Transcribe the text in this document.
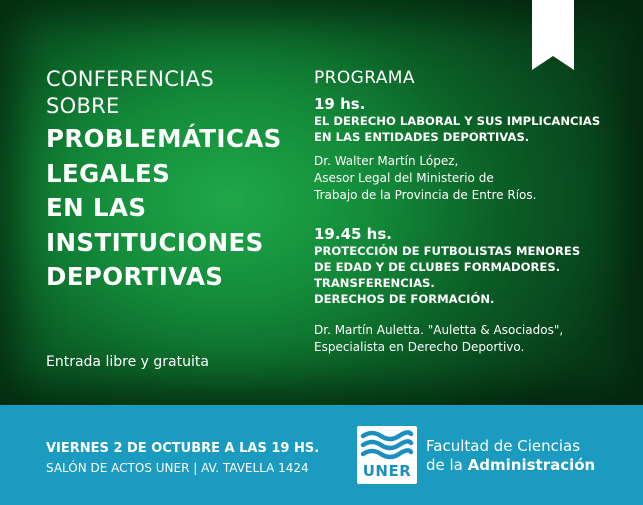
CONFERENCIAS
SOBRE
PROBLEMÁTICAS
LEGALES
EN LAS
INSTITUCIONES
DEPORTIVAS
Entrada libre y gratuita
PROGRAMA
19 hs.
EL DERECHO LABORAL Y SUS IMPLICANCIAS
EN LAS ENTIDADES DEPORTIVAS.
Dr. Walter Martín López,
Asesor Legal del Ministerio de
Trabajo de la Provincia de Entre Ríos.
19.45 hs.
PROTECCIÓN DE FUTBOLISTAS MENORES
DE EDAD Y DE CLUBES FORMADORES.
TRANSFERENCIAS.
DERECHOS DE FORMACIÓN.
Dr. Martín Auletta. "Auletta & Asociados",
Especialista en Derecho Deportivo.
VIERNES 2 DE OCTUBRE A LAS 19 HS.
SALÓN DE ACTOS UNER | AV. TAVELLA 1424	UNER
Facultad de Ciencias
de la Administración
